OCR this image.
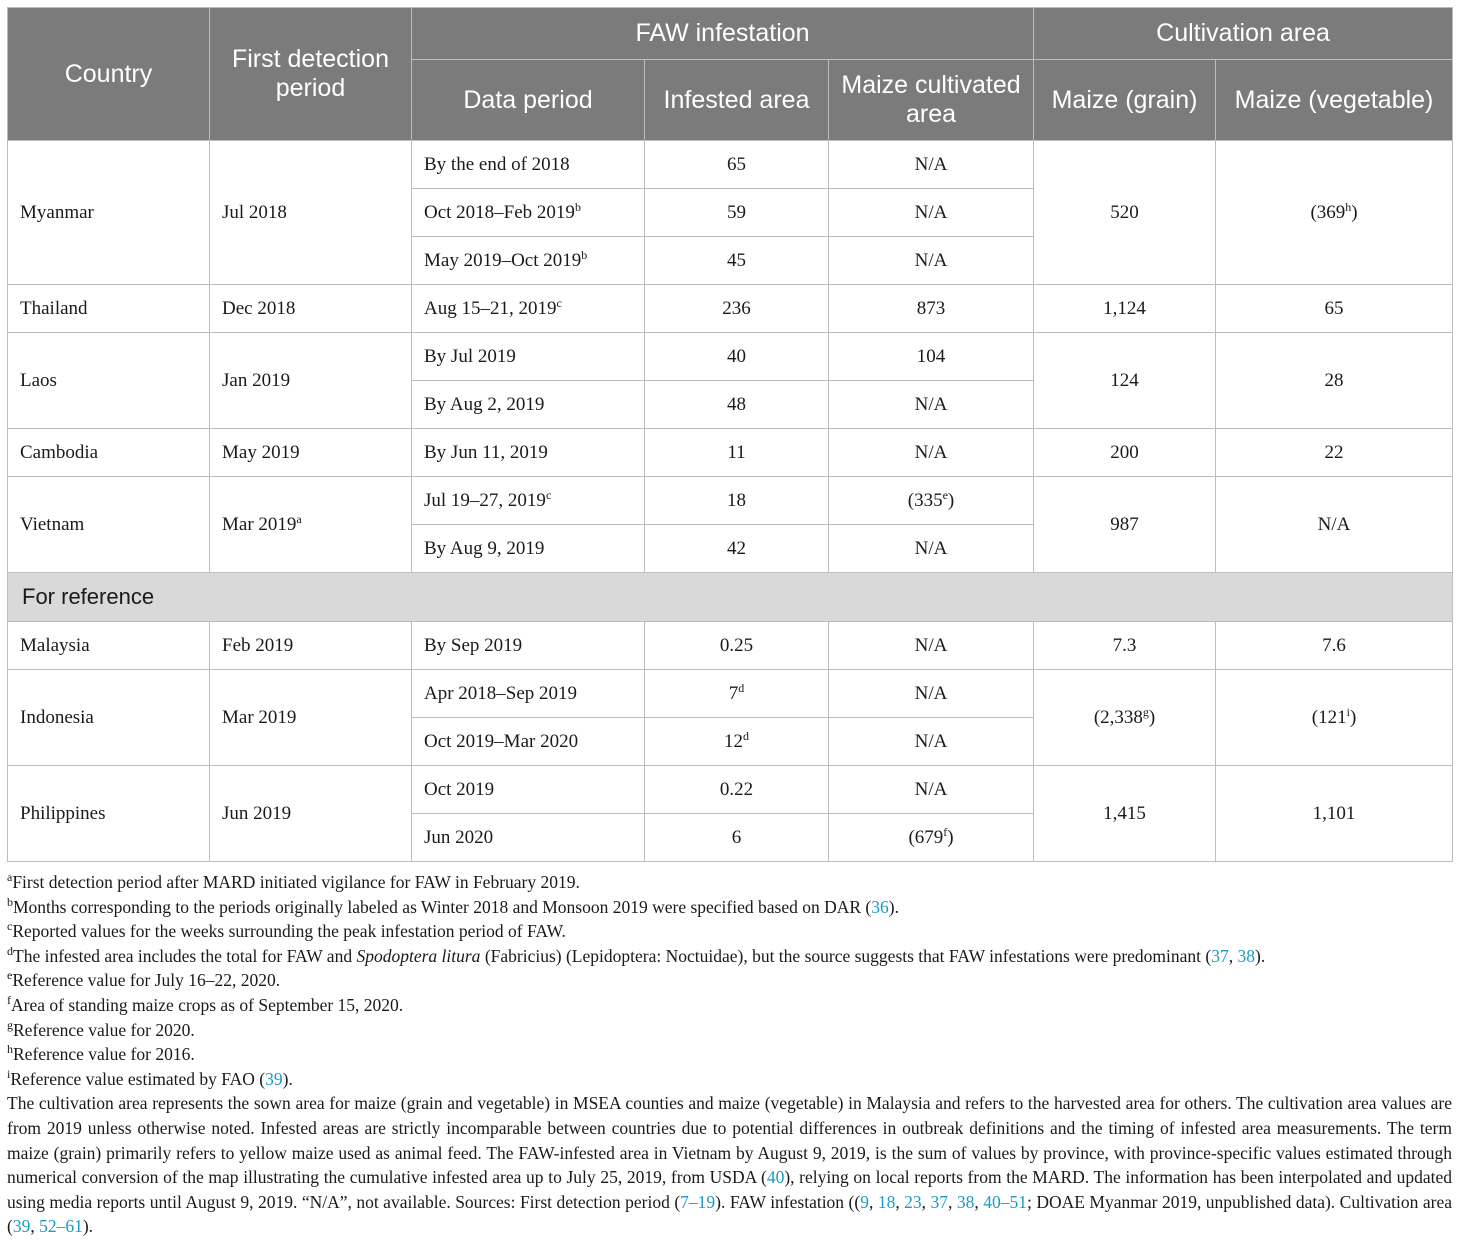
Country	First detection period	FAW infestation			Cultivation area	
		Data period	Infested area	Maize cultivated area	Maize (grain)	Maize (vegetable)
Myanmar	Jul 2018	By the end of 2018	65	N/A	520	(369$^h$)
		Oct 2018–Feb 2019$^b$	59	N/A		
		May 2019–Oct 2019$^b$	45	N/A		
Thailand	Dec 2018	Aug 15–21, 2019$^c$	236	873	1,124	65
Laos	Jan 2019	By Jul 2019	40	104	124	28
		By Aug 2, 2019	48	N/A		
Cambodia	May 2019	By Jun 11, 2019	11	N/A	200	22
Vietnam	Mar 2019$^a$	Jul 19–27, 2019$^c$	18	(335e)	987	N/A
		By Aug 9, 2019	42	N/A		
For reference						
Malaysia	Feb 2019	By Sep 2019	0.25	N/A	7.3	7.6
Indonesia	Mar 2019	Apr 2018–Sep 2019	7$^d$	N/A	(2,338$^g$)	(121$^i$)
		Oct 2019–Mar 2020	12$^d$	N/A		
Philippines	Jun 2019	Oct 2019	0.22	N/A	1,415	1,101
		Jun 2020	6	(679$^f$)		
$^a$First detection period after MARD initiated vigilance for FAW in February 2019.
$^b$Months corresponding to the periods originally labeled as Winter 2018 and Monsoon 2019 were specified based on DAR (36).
$^c$Reported values for the weeks surrounding the peak infestation period of FAW.
$^d$The infested area includes the total for FAW and Spodoptera litura (Fabricius) (Lepidoptera: Noctuidae), but the source suggests that FAW infestations were predominant (37, 38).
$^e$Reference value for July 16–22, 2020.
$^f$Area of standing maize crops as of September 15, 2020.
$^g$Reference value for 2020.
$^h$Reference value for 2016.
$^i$Reference value estimated by FAO (39).
The cultivation area represents the sown area for maize (grain and vegetable) in MSEA counties and maize (vegetable) in Malaysia and refers to the harvested area for others. The cultivation area values are from 2019 unless otherwise noted. Infested areas are strictly incomparable between countries due to potential differences in outbreak definitions and the timing of infested area measurements. The term maize (grain) primarily refers to yellow maize used as animal feed. The FAW-infested area in Vietnam by August 9, 2019, is the sum of values by province, with province-specific values estimated through numerical conversion of the map illustrating the cumulative infested area up to July 25, 2019, from USDA (40), relying on local reports from the MARD. The information has been interpolated and updated using media reports until August 9, 2019. “N/A”, not available. Sources: First detection period (7–19). FAW infestation ((9, 18, 23, 37, 38, 40–51; DOAE Myanmar 2019, unpublished data). Cultivation area (39, 52–61).
